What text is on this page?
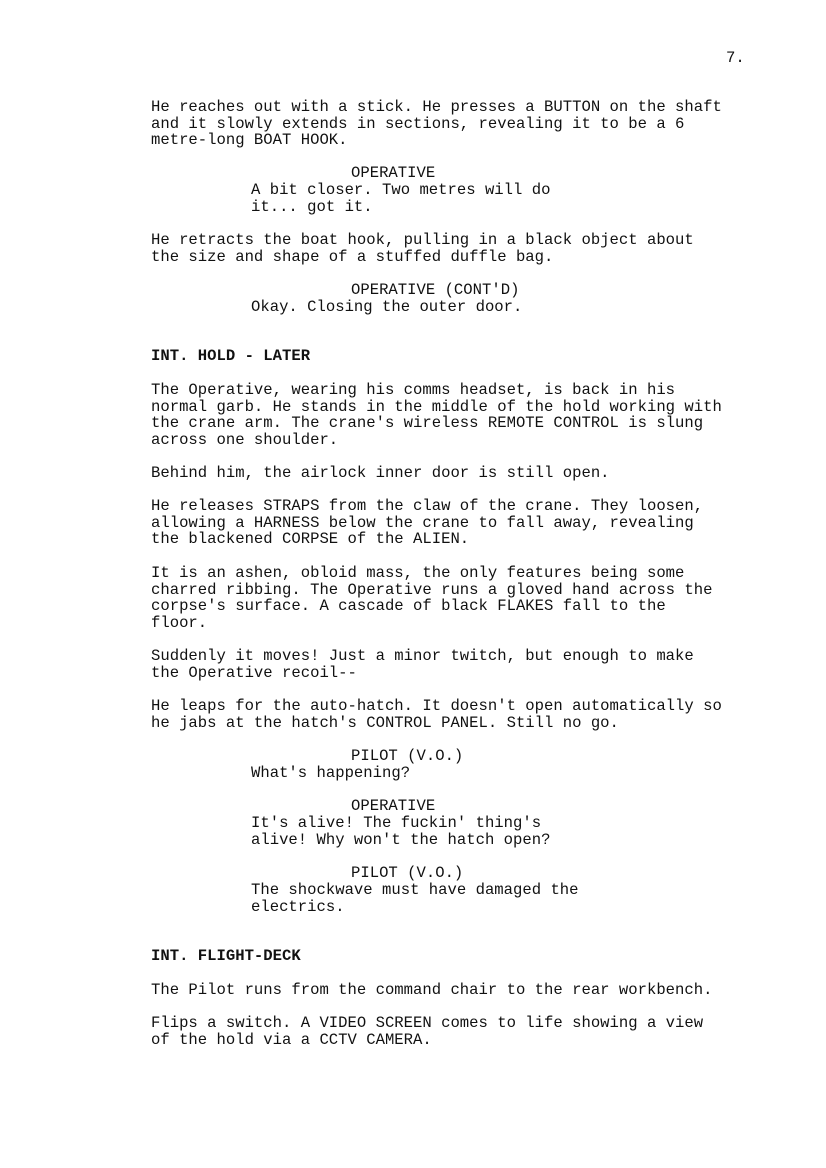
7.

He reaches out with a stick. He presses a BUTTON on the shaft
and it slowly extends in sections, revealing it to be a 6
metre-long BOAT HOOK.

OPERATIVE

A bit closer. Two metres will do
it... got it.

He retracts the boat hook, pulling in a black object about
the size and shape of a stuffed duffle bag.

OPERATIVE (CONT'D)

Okay. Closing the outer door.

INT. HOLD - LATER

The Operative, wearing his comms headset, is back in his
normal garb. He stands in the middle of the hold working with
the crane arm. The crane's wireless REMOTE CONTROL is slung
across one shoulder.

Behind him, the airlock inner door is still open.

He releases STRAPS from the claw of the crane. They loosen,
allowing a HARNESS below the crane to fall away, revealing
the blackened CORPSE of the ALIEN.

It is an ashen, obloid mass, the only features being some
charred ribbing. The Operative runs a gloved hand across the
corpse's surface. A cascade of black FLAKES fall to the
floor.

Suddenly it moves! Just a minor twitch, but enough to make
the Operative recoil--

He leaps for the auto-hatch. It doesn't open automatically so
he jabs at the hatch's CONTROL PANEL. Still no go.

PILOT (V.O.)

What's happening?

OPERATIVE

It's alive! The fuckin' thing's
alive! Why won't the hatch open?

PILOT (V.O.)

The shockwave must have damaged the
electrics.

INT. FLIGHT-DECK

The Pilot runs from the command chair to the rear workbench.

Flips a switch. A VIDEO SCREEN comes to life showing a view
of the hold via a CCTV CAMERA.
